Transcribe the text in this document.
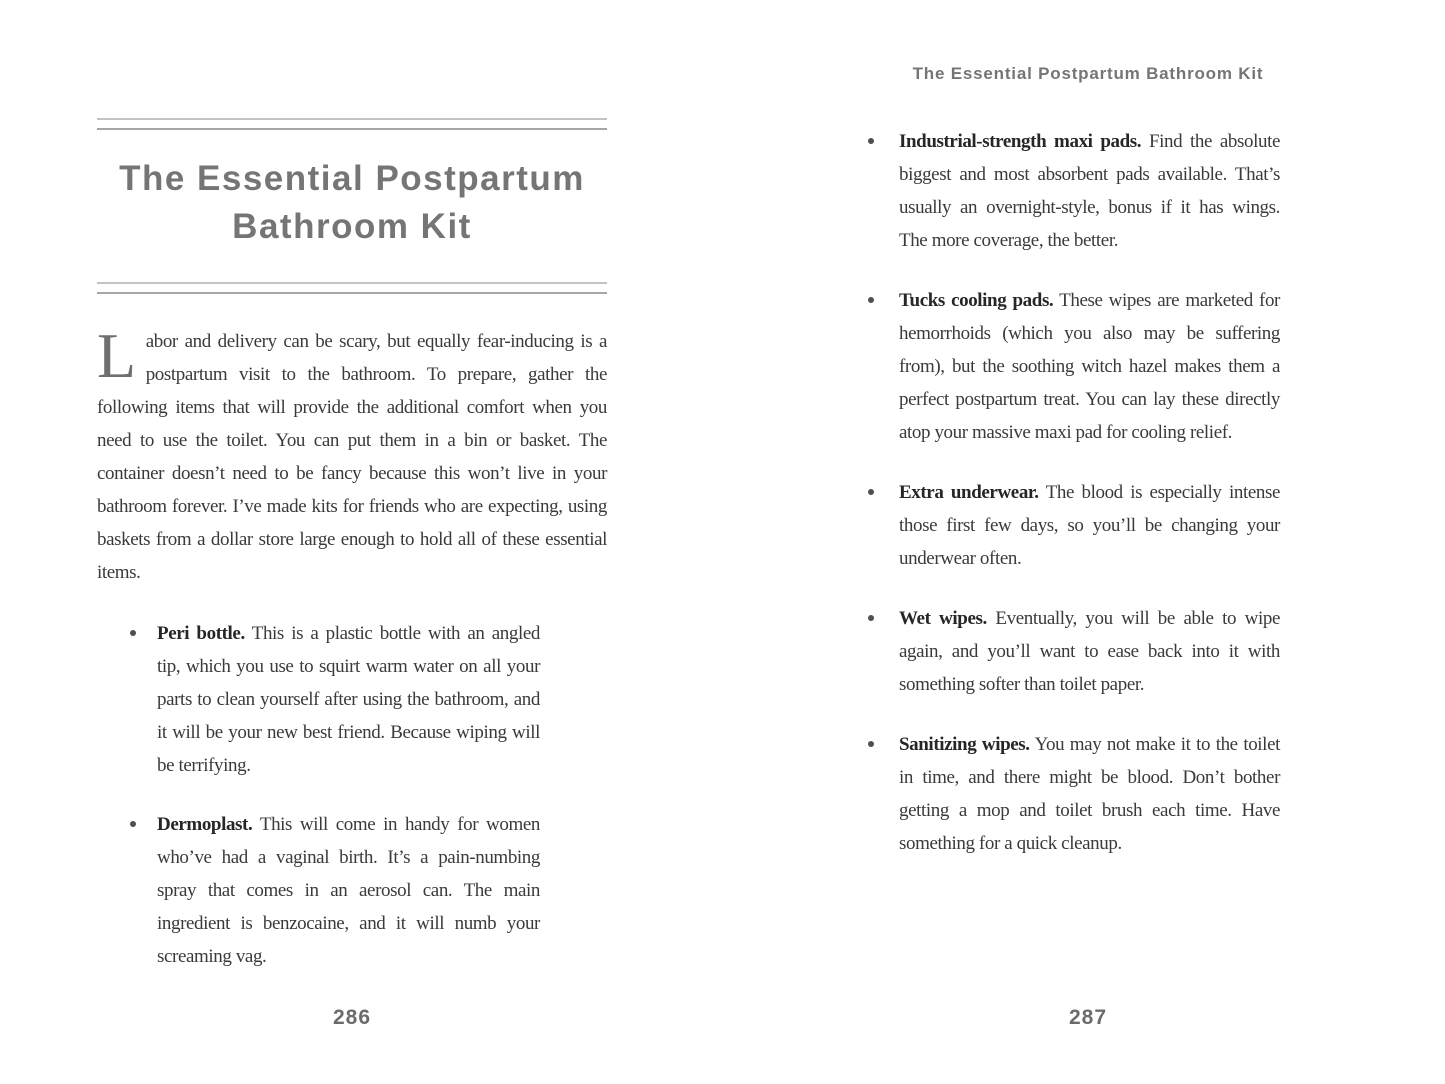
The Essential Postpartum Bathroom Kit

Labor and delivery can be scary, but equally fear-inducing is a postpartum visit to the bathroom. To prepare, gather the following items that will provide the additional comfort when you need to use the toilet. You can put them in a bin or basket. The container doesn’t need to be fancy because this won’t live in your bathroom forever. I’ve made kits for friends who are expecting, using baskets from a dollar store large enough to hold all of these essential items.

Peri bottle. This is a plastic bottle with an angled tip, which you use to squirt warm water on all your parts to clean yourself after using the bathroom, and it will be your new best friend. Because wiping will be terrifying.
Dermoplast. This will come in handy for women who’ve had a vaginal birth. It’s a pain-numbing spray that comes in an aerosol can. The main ingredient is benzocaine, and it will numb your screaming vag.
The Essential Postpartum Bathroom Kit
Industrial-strength maxi pads. Find the absolute biggest and most absorbent pads available. That’s usually an overnight-style, bonus if it has wings. The more coverage, the better.
Tucks cooling pads. These wipes are marketed for hemorrhoids (which you also may be suffering from), but the soothing witch hazel makes them a perfect postpartum treat. You can lay these directly atop your massive maxi pad for cooling relief.
Extra underwear. The blood is especially intense those first few days, so you’ll be changing your underwear often.
Wet wipes. Eventually, you will be able to wipe again, and you’ll want to ease back into it with something softer than toilet paper.
Sanitizing wipes. You may not make it to the toilet in time, and there might be blood. Don’t bother getting a mop and toilet brush each time. Have something for a quick cleanup.
286	287
